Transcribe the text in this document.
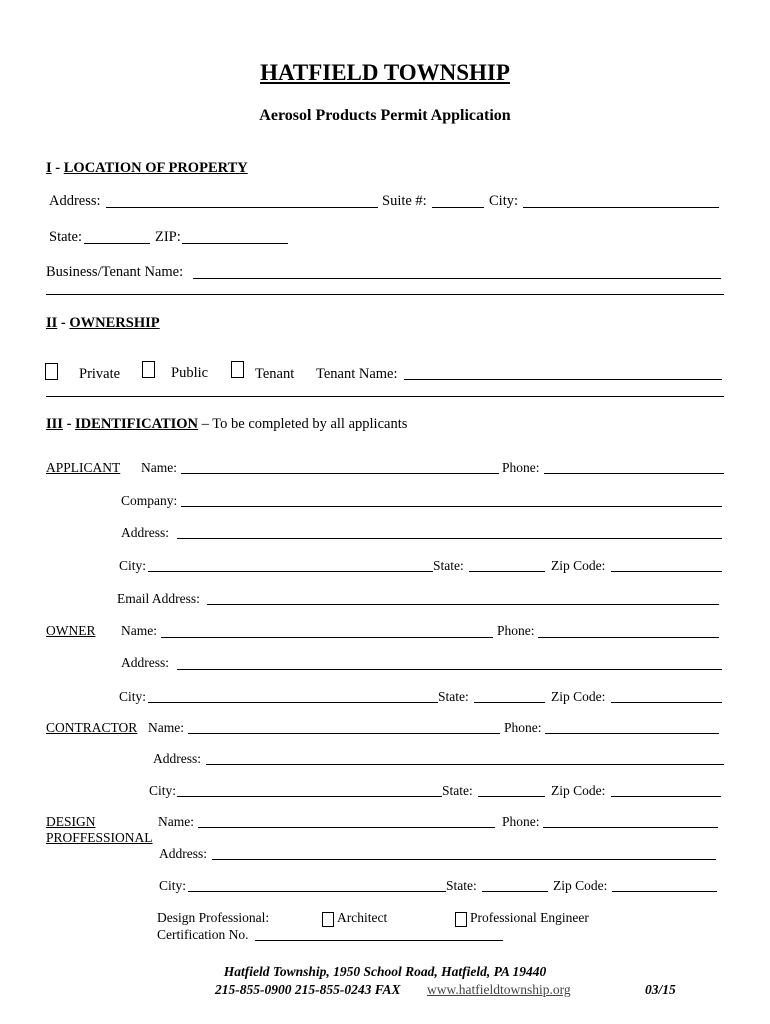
HATFIELD TOWNSHIP
Aerosol Products Permit Application
I - LOCATION OF PROPERTY
Address:	Suite #:	City:
State:	ZIP:
Business/Tenant Name:
II - OWNERSHIP
Private	Public	Tenant Tenant Name:
III - IDENTIFICATION – To be completed by all applicants
APPLICANT Name:	Phone:
Company:
Address:
City:	State:	Zip Code:
Email Address:
OWNER Name:	Phone:
Address:
City:	State:	Zip Code:
CONTRACTOR Name:	Phone:
Address:
City:	State:	Zip Code:
DESIGN
PROFFESSIONAL
Name:	Phone:
Address:
City:	State:	Zip Code:
Design Professional:	Architect	Professional Engineer
Certification No.
Hatfield Township, 1950 School Road, Hatfield, PA 19440
215-855-0900 215-855-0243 FAX www.hatfieldtownship.org	03/15
